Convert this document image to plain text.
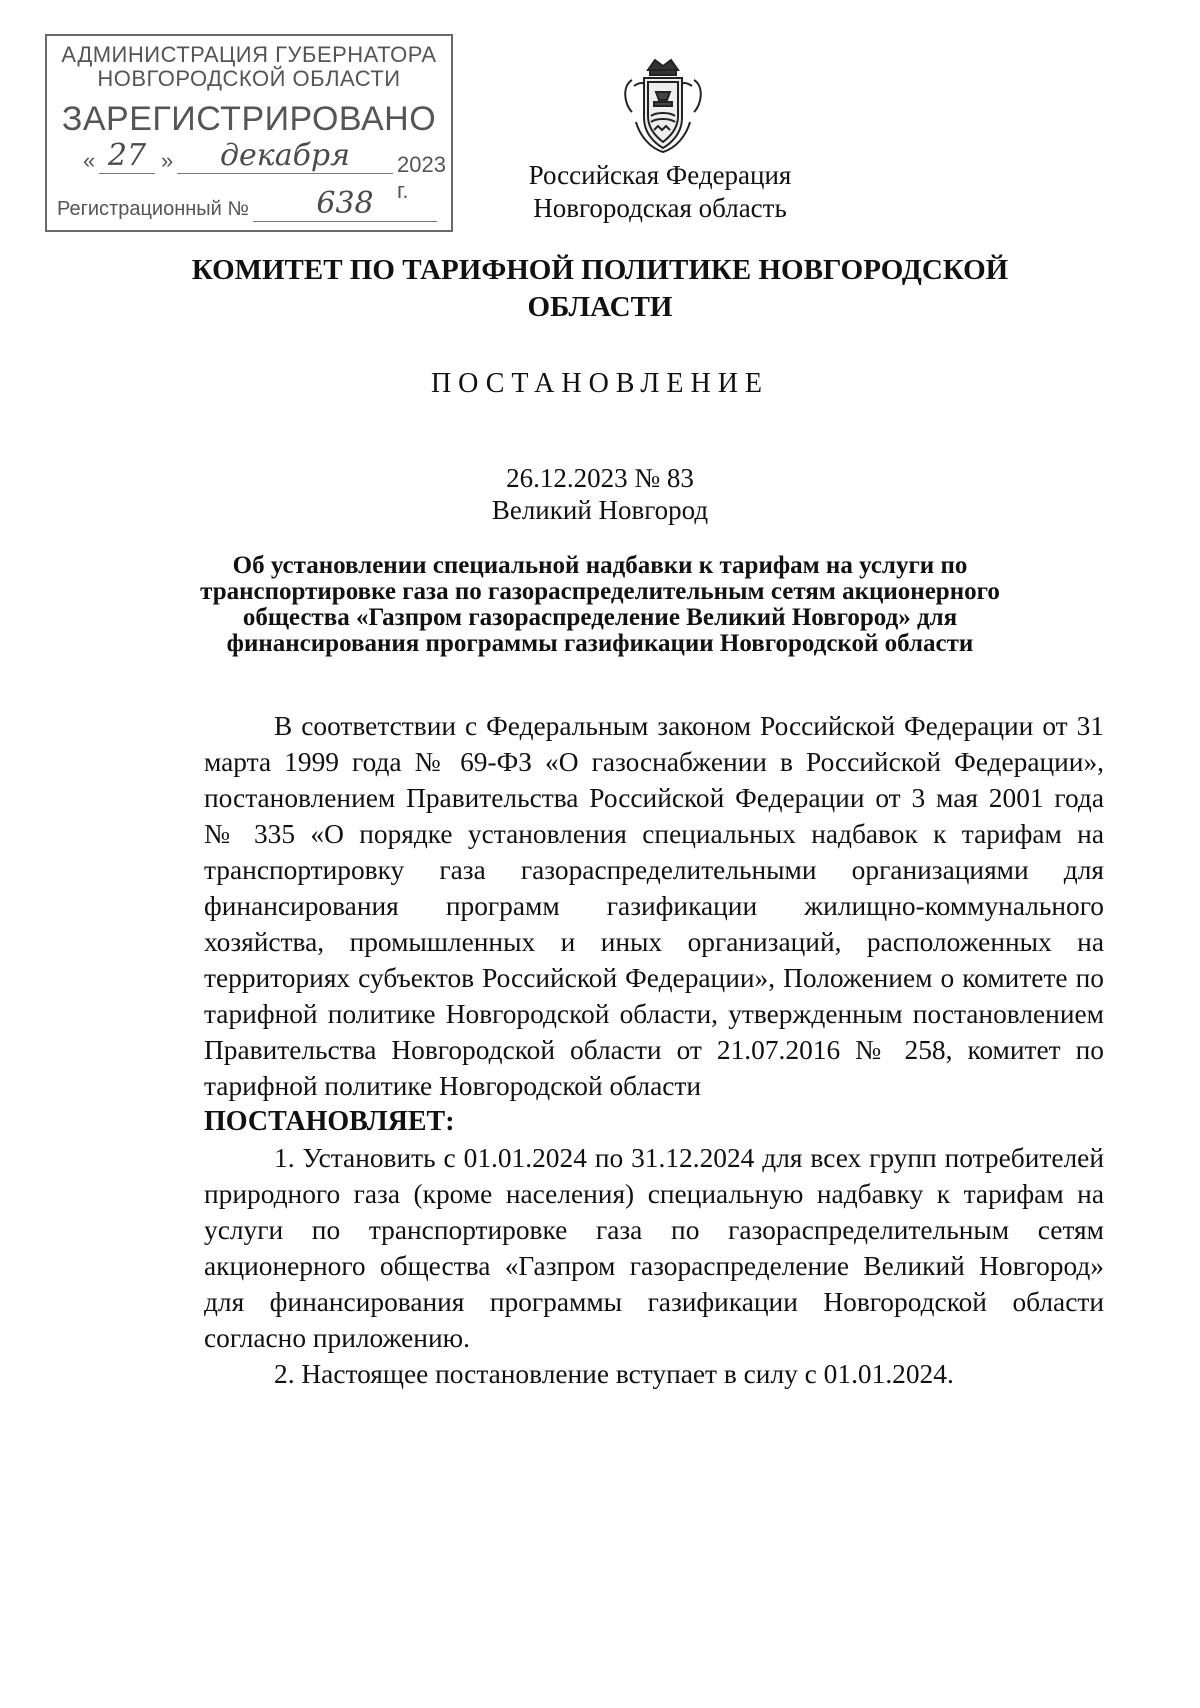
АДМИНИСТРАЦИЯ ГУБЕРНАТОРА
НОВГОРОДСКОЙ ОБЛАСТИ
ЗАРЕГИСТРИРОВАНО
« 27 »	декабря	2023 г.
Регистрационный №	638
Российская Федерация
Новгородская область
КОМИТЕТ ПО ТАРИФНОЙ ПОЛИТИКЕ НОВГОРОДСКОЙ ОБЛАСТИ
ПОСТАНОВЛЕНИЕ
26.12.2023 № 83
Великий Новгород
Об установлении специальной надбавки к тарифам на услуги по транспортировке газа по газораспределительным сетям акционерного общества «Газпром газораспределение Великий Новгород» для финансирования программы газификации Новгородской области

В соответствии с Федеральным законом Российской Федерации от 31 марта 1999 года № 69-ФЗ «О газоснабжении в Российской Федерации», постановлением Правительства Российской Федерации от 3 мая 2001 года № 335 «О порядке установления специальных надбавок к тарифам на транспортировку газа газораспределительными организациями для финансирования программ газификации жилищно-коммунального хозяйства, промышленных и иных организаций, расположенных на территориях субъектов Российской Федерации», Положением о комитете по тарифной политике Новгородской области, утвержденным постановлением Правительства Новгородской области от 21.07.2016 № 258, комитет по тарифной политике Новгородской области

ПОСТАНОВЛЯЕТ:

1. Установить с 01.01.2024 по 31.12.2024 для всех групп потребителей природного газа (кроме населения) специальную надбавку к тарифам на услуги по транспортировке газа по газораспределительным сетям акционерного общества «Газпром газораспределение Великий Новгород» для финансирования программы газификации Новгородской области согласно приложению.

2. Настоящее постановление вступает в силу с 01.01.2024.
